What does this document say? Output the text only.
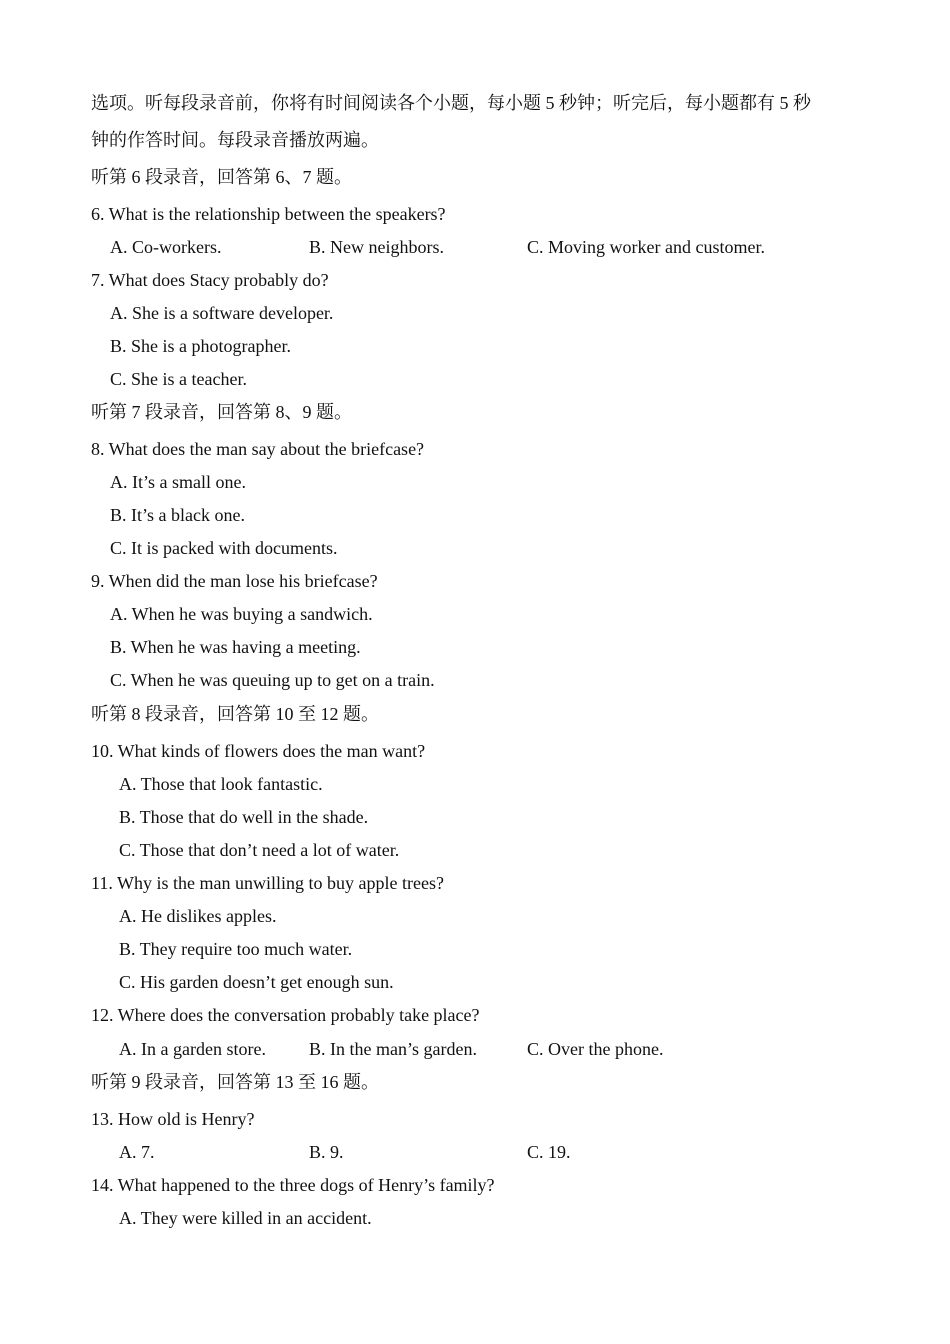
选项。听每段录音前，你将有时间阅读各个小题，每小题 5 秒钟；听完后，每小题都有 5 秒
钟的作答时间。每段录音播放两遍。
听第 6 段录音，回答第 6、7 题。
6. What is the relationship between the speakers?
A. Co-workers.	B. New neighbors.	C. Moving worker and customer.
7. What does Stacy probably do?
A. She is a software developer.
B. She is a photographer.
C. She is a teacher.
听第 7 段录音，回答第 8、9 题。
8. What does the man say about the briefcase?
A. It’s a small one.
B. It’s a black one.
C. It is packed with documents.
9. When did the man lose his briefcase?
A. When he was buying a sandwich.
B. When he was having a meeting.
C. When he was queuing up to get on a train.
听第 8 段录音，回答第 10 至 12 题。
10. What kinds of flowers does the man want?
A. Those that look fantastic.
B. Those that do well in the shade.
C. Those that don’t need a lot of water.
11. Why is the man unwilling to buy apple trees?
A. He dislikes apples.
B. They require too much water.
C. His garden doesn’t get enough sun.
12. Where does the conversation probably take place?
A. In a garden store. B. In the man’s garden.	C. Over the phone.
听第 9 段录音，回答第 13 至 16 题。
13. How old is Henry?
A. 7.	B. 9.	C. 19.
14. What happened to the three dogs of Henry’s family?
A. They were killed in an accident.
